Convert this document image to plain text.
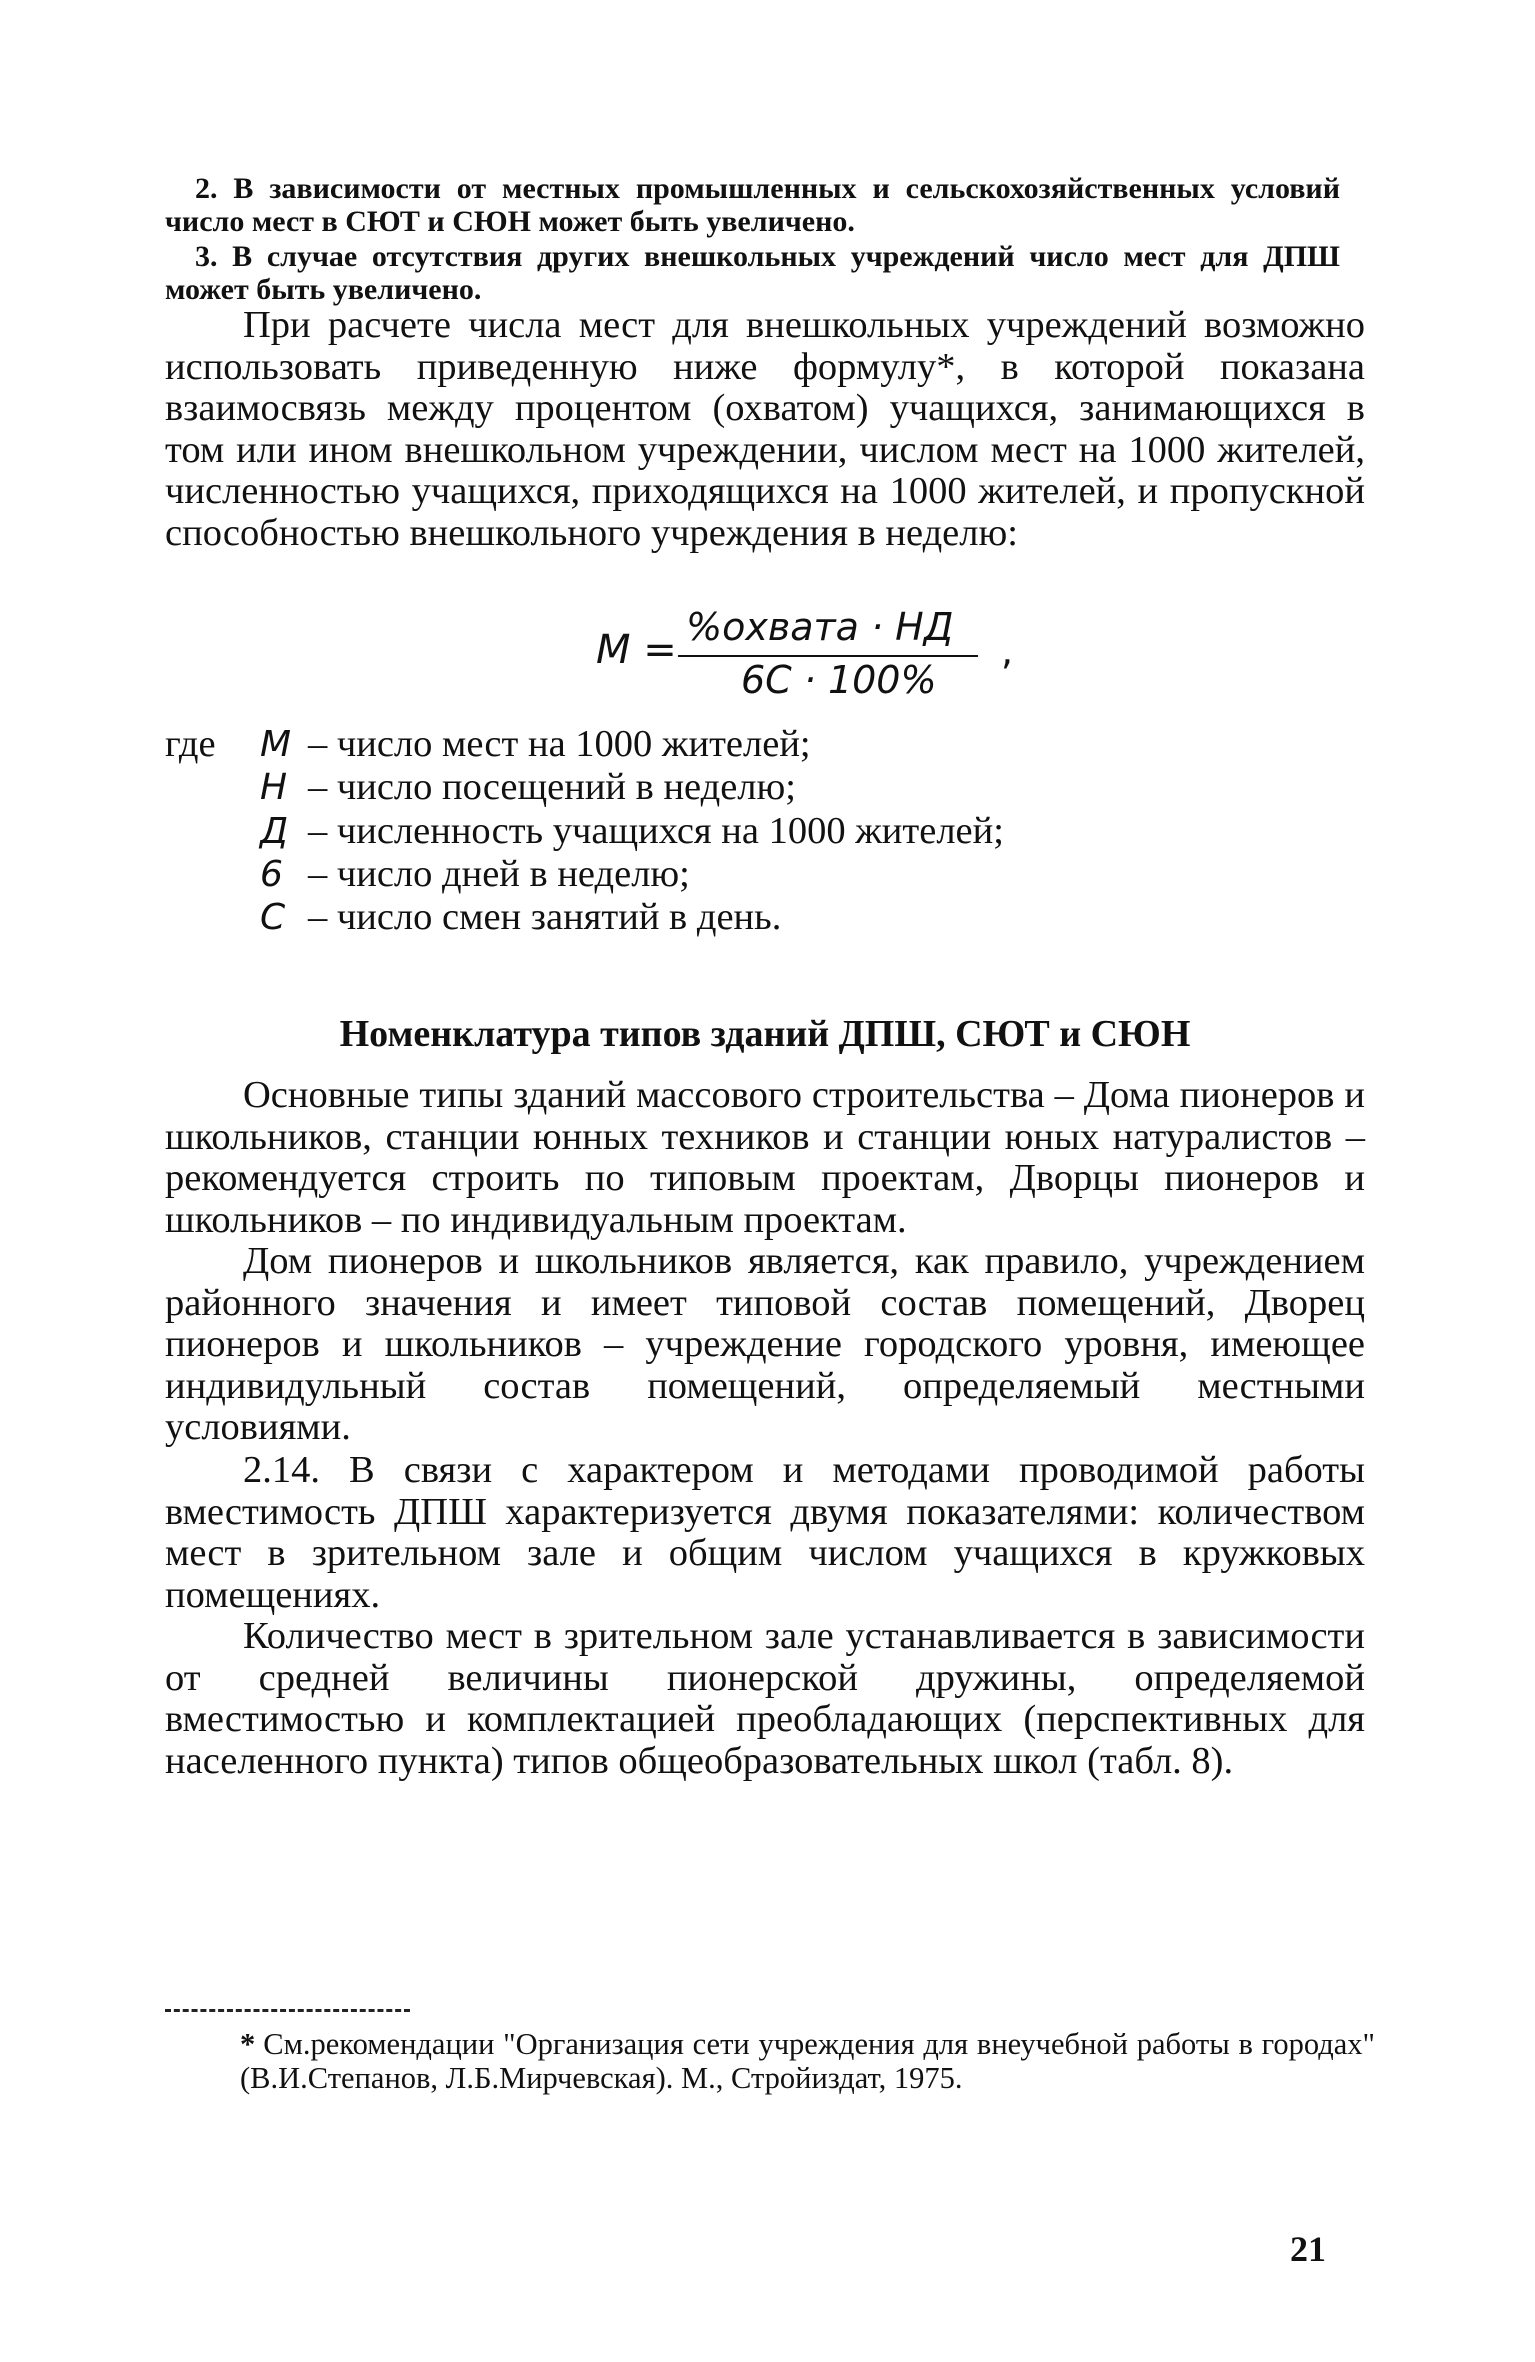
2. В зависимости от местных промышленных и сельскохозяйственных условий число мест в СЮТ и СЮН может быть увеличено.

3. В случае отсутствия других внешкольных учреждений число мест для ДПШ может быть увеличено.

При расчете числа мест для внешкольных учреждений возможно использовать приведенную ниже формулу*, в которой показана взаимосвязь между процентом (охватом) учащихся, занимающихся в том или ином внешкольном учреждении, числом мест на 1000 жителей, численностью учащихся, приходящихся на 1000 жителей, и пропускной способностью внешкольного учреждения в неделю:

М = %охвата · НД
6С · 100%
,
где М – число мест на 1000 жителей;
Н – число посещений в неделю;
Д – численность учащихся на 1000 жителей;
6 – число дней в неделю;
С – число смен занятий в день.
Номенклатура типов зданий ДПШ, СЮТ и СЮН

Основные типы зданий массового строительства – Дома пионеров и школьников, станции юнных техников и станции юных натуралистов – рекомендуется строить по типовым проектам, Дворцы пионеров и школьников – по индивидуальным проектам.

Дом пионеров и школьников является, как правило, учреждением районного значения и имеет типовой состав помещений, Дворец пионеров и школьников – учреждение городского уровня, имеющее индивидульный состав помещений, определяемый местными условиями.

2.14. В связи с характером и методами проводимой работы вместимость ДПШ характеризуется двумя показателями: количеством мест в зрительном зале и общим числом учащихся в кружковых помещениях.

Количество мест в зрительном зале устанавливается в зависимости от средней величины пионерской дружины, определяемой вместимостью и комплектацией преобладающих (перспективных для населенного пункта) типов общеобразовательных школ (табл. 8).

* См.рекомендации "Организация сети учреждения для внеучебной работы в городах" (В.И.Степанов, Л.Б.Мирчевская). М., Стройиздат, 1975.

21
